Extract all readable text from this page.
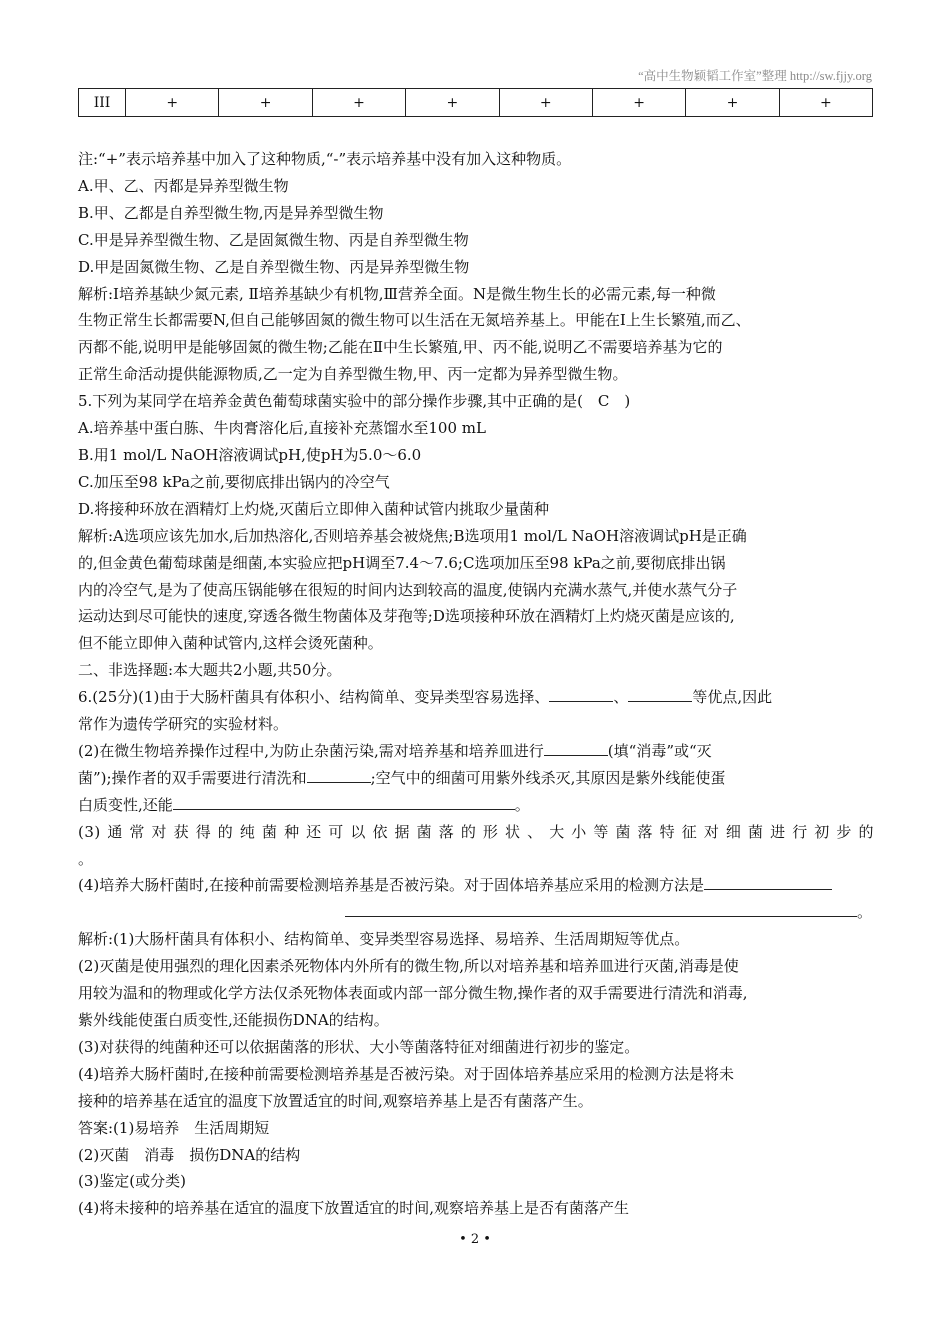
“高中生物颖韬工作室”整理 http://sw.fjjy.org
III	+	+	+	+	+	+	+	+

注:“+”表示培养基中加入了这种物质,“-”表示培养基中没有加入这种物质。

A.甲、乙、丙都是异养型微生物

B.甲、乙都是自养型微生物,丙是异养型微生物

C.甲是异养型微生物、乙是固氮微生物、丙是自养型微生物

D.甲是固氮微生物、乙是自养型微生物、丙是异养型微生物

解析:Ⅰ培养基缺少氮元素, Ⅱ培养基缺少有机物,Ⅲ营养全面。N是微生物生长的必需元素,每一种微

生物正常生长都需要N,但自己能够固氮的微生物可以生活在无氮培养基上。甲能在Ⅰ上生长繁殖,而乙、

丙都不能,说明甲是能够固氮的微生物;乙能在Ⅱ中生长繁殖,甲、丙不能,说明乙不需要培养基为它的

正常生命活动提供能源物质,乙一定为自养型微生物,甲、丙一定都为异养型微生物。

5.下列为某同学在培养金黄色葡萄球菌实验中的部分操作步骤,其中正确的是(　C　)

A.培养基中蛋白胨、牛肉膏溶化后,直接补充蒸馏水至100 mL

B.用1 mol/L NaOH溶液调试pH,使pH为5.0～6.0

C.加压至98 kPa之前,要彻底排出锅内的冷空气

D.将接种环放在酒精灯上灼烧,灭菌后立即伸入菌种试管内挑取少量菌种

解析:A选项应该先加水,后加热溶化,否则培养基会被烧焦;B选项用1 mol/L NaOH溶液调试pH是正确

的,但金黄色葡萄球菌是细菌,本实验应把pH调至7.4～7.6;C选项加压至98 kPa之前,要彻底排出锅

内的冷空气,是为了使高压锅能够在很短的时间内达到较高的温度,使锅内充满水蒸气,并使水蒸气分子

运动达到尽可能快的速度,穿透各微生物菌体及芽孢等;D选项接种环放在酒精灯上灼烧灭菌是应该的,

但不能立即伸入菌种试管内,这样会烫死菌种。

二、非选择题:本大题共2小题,共50分。

6.(25分)(1)由于大肠杆菌具有体积小、结构简单、变异类型容易选择、	、	等优点,因此

常作为遗传学研究的实验材料。

(2)在微生物培养操作过程中,为防止杂菌污染,需对培养基和培养皿进行	(填“消毒”或“灭

菌”);操作者的双手需要进行清洗和	;空气中的细菌可用紫外线杀灭,其原因是紫外线能使蛋

白质变性,还能	。

(3)通常对获得的纯菌种还可以依据菌落的形状、大小等菌落特征对细菌进行初步的

。

(4)培养大肠杆菌时,在接种前需要检测培养基是否被污染。对于固体培养基应采用的检测方法是

。

解析:(1)大肠杆菌具有体积小、结构简单、变异类型容易选择、易培养、生活周期短等优点。

(2)灭菌是使用强烈的理化因素杀死物体内外所有的微生物,所以对培养基和培养皿进行灭菌,消毒是使

用较为温和的物理或化学方法仅杀死物体表面或内部一部分微生物,操作者的双手需要进行清洗和消毒,

紫外线能使蛋白质变性,还能损伤DNA的结构。

(3)对获得的纯菌种还可以依据菌落的形状、大小等菌落特征对细菌进行初步的鉴定。

(4)培养大肠杆菌时,在接种前需要检测培养基是否被污染。对于固体培养基应采用的检测方法是将未

接种的培养基在适宜的温度下放置适宜的时间,观察培养基上是否有菌落产生。

答案:(1)易培养　生活周期短

(2)灭菌　消毒　损伤DNA的结构

(3)鉴定(或分类)

(4)将未接种的培养基在适宜的温度下放置适宜的时间,观察培养基上是否有菌落产生

• 2 •
